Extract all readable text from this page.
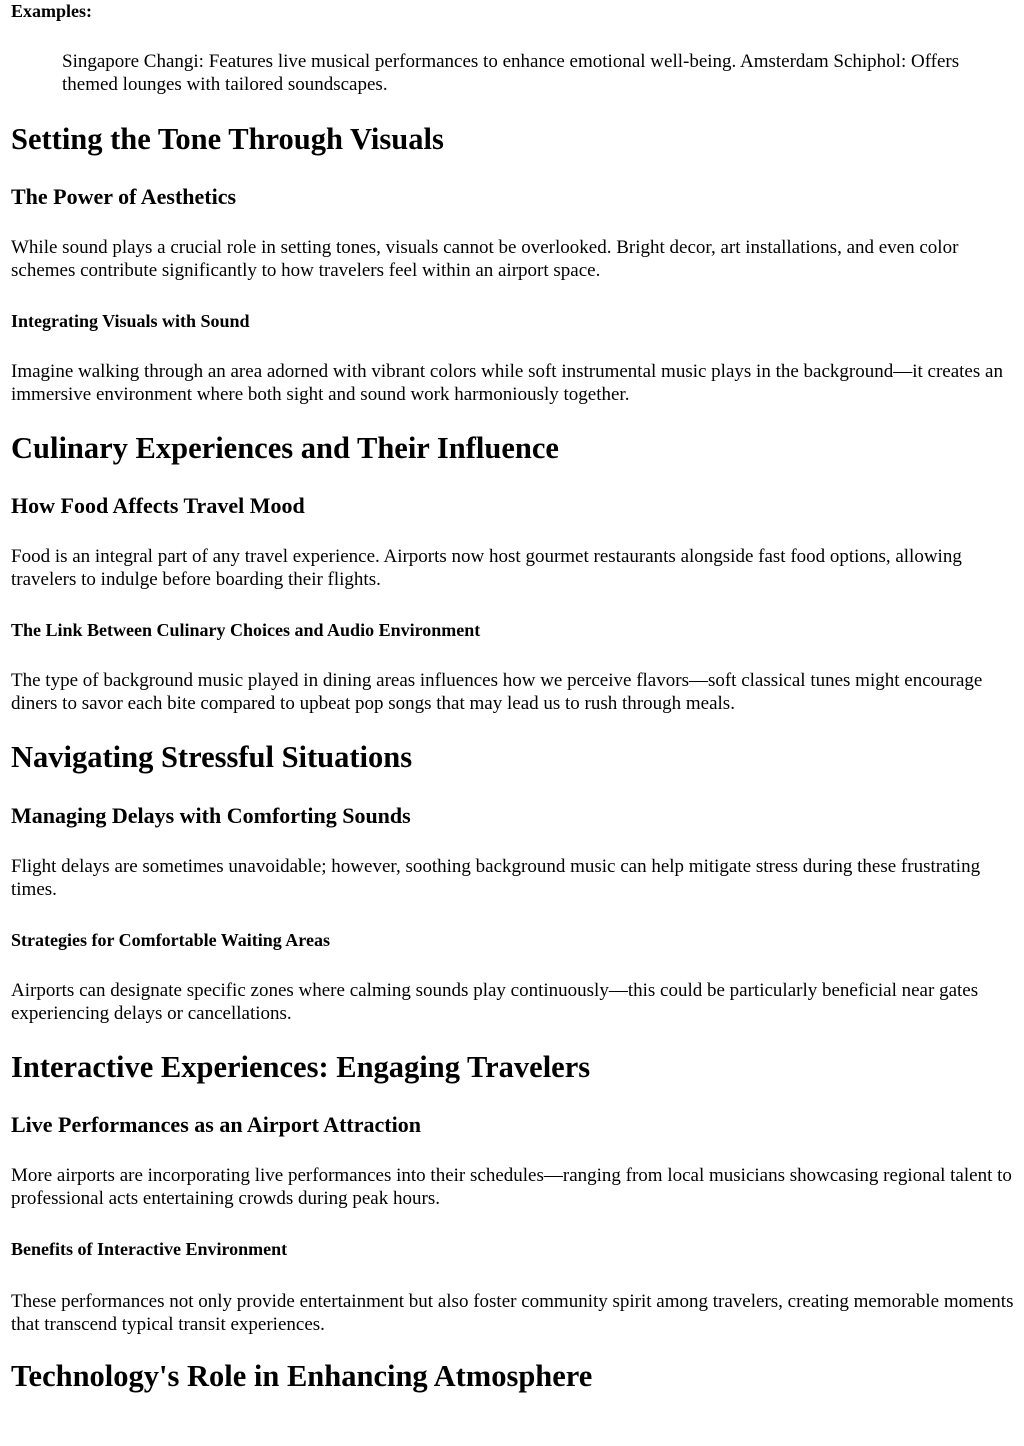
Examples:

Singapore Changi: Features live musical performances to enhance emotional well-being. Amsterdam Schiphol: Offers themed lounges with tailored soundscapes.

Setting the Tone Through Visuals
The Power of Aesthetics

While sound plays a crucial role in setting tones, visuals cannot be overlooked. Bright decor, art installations, and even color schemes contribute significantly to how travelers feel within an airport space.

Integrating Visuals with Sound

Imagine walking through an area adorned with vibrant colors while soft instrumental music plays in the background—it creates an immersive environment where both sight and sound work harmoniously together.

Culinary Experiences and Their Influence
How Food Affects Travel Mood

Food is an integral part of any travel experience. Airports now host gourmet restaurants alongside fast food options, allowing travelers to indulge before boarding their flights.

The Link Between Culinary Choices and Audio Environment

The type of background music played in dining areas influences how we perceive flavors—soft classical tunes might encourage diners to savor each bite compared to upbeat pop songs that may lead us to rush through meals.

Navigating Stressful Situations
Managing Delays with Comforting Sounds

Flight delays are sometimes unavoidable; however, soothing background music can help mitigate stress during these frustrating times.

Strategies for Comfortable Waiting Areas

Airports can designate specific zones where calming sounds play continuously—this could be particularly beneficial near gates experiencing delays or cancellations.

Interactive Experiences: Engaging Travelers
Live Performances as an Airport Attraction

More airports are incorporating live performances into their schedules—ranging from local musicians showcasing regional talent to professional acts entertaining crowds during peak hours.

Benefits of Interactive Environment

These performances not only provide entertainment but also foster community spirit among travelers, creating memorable moments that transcend typical transit experiences.

Technology's Role in Enhancing Atmosphere
